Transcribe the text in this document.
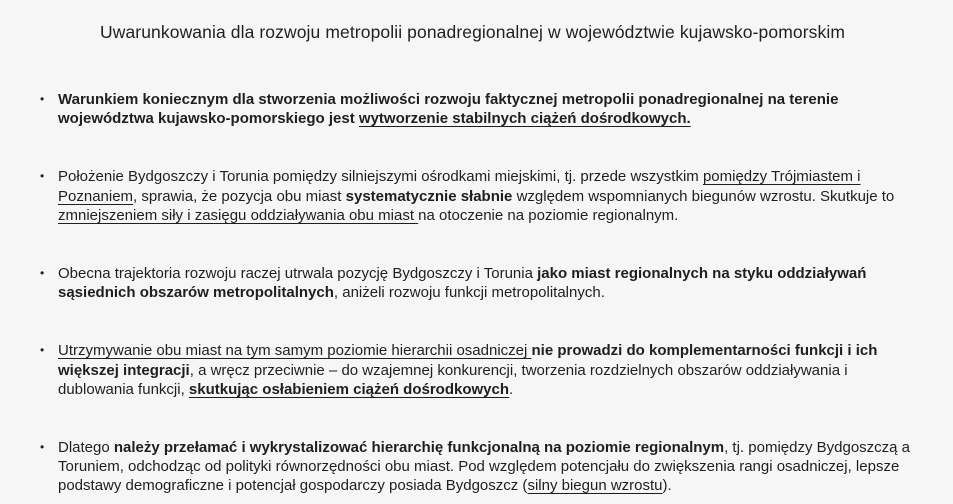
Uwarunkowania dla rozwoju metropolii ponadregionalnej w województwie kujawsko-pomorskim
• Warunkiem koniecznym dla stworzenia możliwości rozwoju faktycznej metropolii ponadregionalnej na terenie województwa kujawsko-pomorskiego jest wytworzenie stabilnych ciążeń dośrodkowych.
• Położenie Bydgoszczy i Torunia pomiędzy silniejszymi ośrodkami miejskimi, tj. przede wszystkim pomiędzy Trójmiastem i Poznaniem, sprawia, że pozycja obu miast systematycznie słabnie względem wspomnianych biegunów wzrostu. Skutkuje to zmniejszeniem siły i zasięgu oddziaływania obu miast na otoczenie na poziomie regionalnym.
• Obecna trajektoria rozwoju raczej utrwala pozycję Bydgoszczy i Torunia jako miast regionalnych na styku oddziaływań sąsiednich obszarów metropolitalnych, aniżeli rozwoju funkcji metropolitalnych.
• Utrzymywanie obu miast na tym samym poziomie hierarchii osadniczej nie prowadzi do komplementarności funkcji i ich większej integracji, a wręcz przeciwnie – do wzajemnej konkurencji, tworzenia rozdzielnych obszarów oddziaływania i dublowania funkcji, skutkując osłabieniem ciążeń dośrodkowych.
• Dlatego należy przełamać i wykrystalizować hierarchię funkcjonalną na poziomie regionalnym, tj. pomiędzy Bydgoszczą a Toruniem, odchodząc od polityki równorzędności obu miast. Pod względem potencjału do zwiększenia rangi osadniczej, lepsze podstawy demograficzne i potencjał gospodarczy posiada Bydgoszcz (silny biegun wzrostu).
